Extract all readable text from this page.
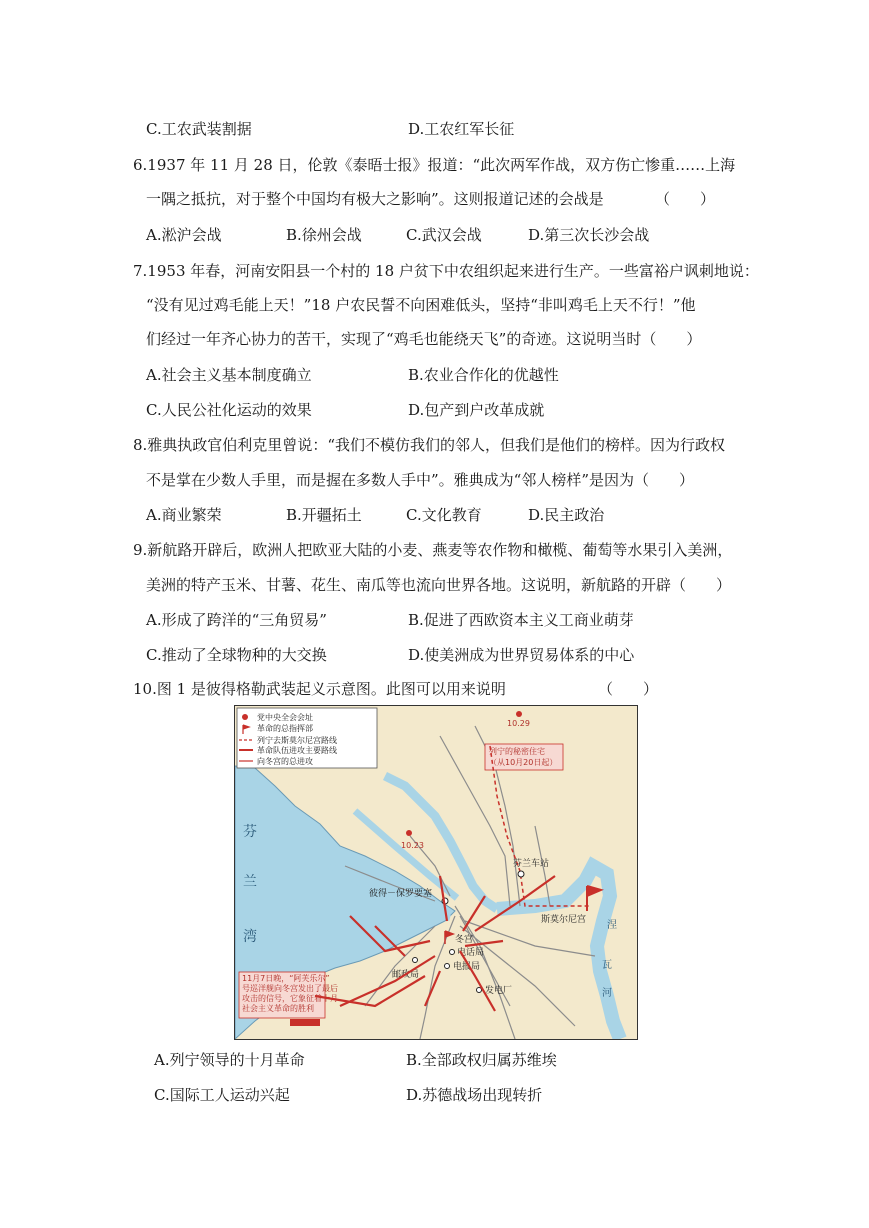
C.工农武装割据	D.工农红军长征
6.1937 年 11 月 28 日，伦敦《泰晤士报》报道：“此次两军作战，双方伤亡惨重……上海
一隅之抵抗，对于整个中国均有极大之影响”。这则报道记述的会战是	（　　）
A.淞沪会战	B.徐州会战	C.武汉会战	D.第三次长沙会战
7.1953 年春，河南安阳县一个村的 18 户贫下中农组织起来进行生产。一些富裕户讽刺地说：
“没有见过鸡毛能上天！”18 户农民誓不向困难低头，坚持“非叫鸡毛上天不行！”他
们经过一年齐心协力的苦干，实现了“鸡毛也能绕天飞”的奇迹。这说明当时（　　）
A.社会主义基本制度确立	B.农业合作化的优越性
C.人民公社化运动的效果	D.包产到户改革成就
8.雅典执政官伯利克里曾说：“我们不模仿我们的邻人，但我们是他们的榜样。因为行政权
不是掌在少数人手里，而是握在多数人手中”。雅典成为“邻人榜样”是因为（　　）
A.商业繁荣	B.开疆拓土	C.文化教育	D.民主政治
9.新航路开辟后，欧洲人把欧亚大陆的小麦、燕麦等农作物和橄榄、葡萄等水果引入美洲，
美洲的特产玉米、甘薯、花生、南瓜等也流向世界各地。这说明，新航路的开辟（　　）
A.形成了跨洋的“三角贸易”	B.促进了西欧资本主义工商业萌芽
C.推动了全球物种的大交换	D.使美洲成为世界贸易体系的中心
10.图 1 是彼得格勒武装起义示意图。此图可以用来说明	（　　）
11月7日晚，“阿芙乐尔”
号巡洋舰向冬宫发出了最后
攻击的信号，它象征着十月
社会主义革命的胜利
党中央全会会址
革命的总指挥部
列宁去斯莫尔尼宫路线
革命队伍进攻主要路线
向冬宫的总进攻
10.29
列宁的秘密住宅
（从10月20日起）
10.23
芬兰车站
斯莫尔尼宫
彼得－保罗要塞
冬宫
电话局
电报局
邮政局
发电厂
芬
兰
湾
涅
瓦
河
A.列宁领导的十月革命	B.全部政权归属苏维埃
C.国际工人运动兴起	D.苏德战场出现转折
